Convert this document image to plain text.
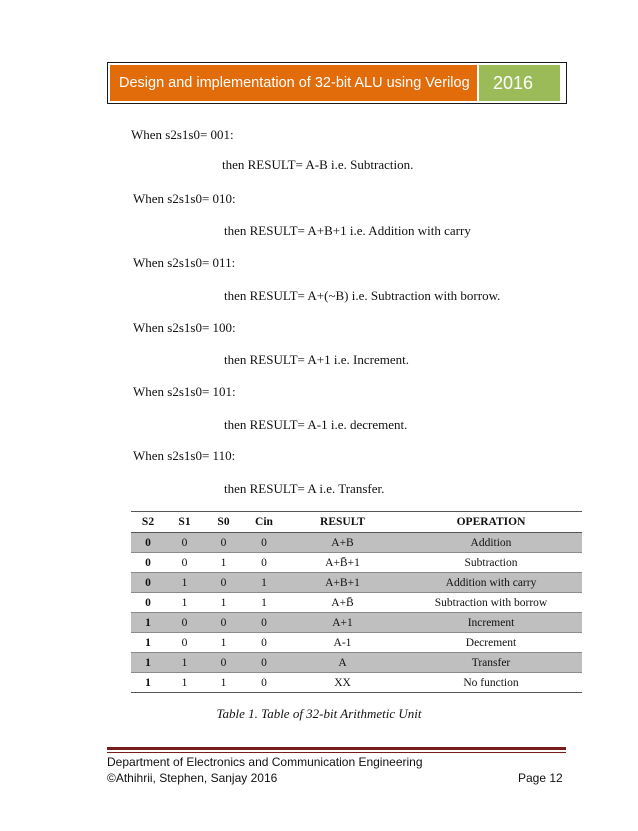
Design and implementation of 32-bit ALU using Verilog	2016
When s2s1s0= 001:
then RESULT= A-B i.e. Subtraction.
When s2s1s0= 010:
then RESULT= A+B+1 i.e. Addition with carry
When s2s1s0= 011:
then RESULT= A+(~B) i.e. Subtraction with borrow.
When s2s1s0= 100:
then RESULT= A+1 i.e. Increment.
When s2s1s0= 101:
then RESULT= A-1 i.e. decrement.
When s2s1s0= 110:
then RESULT= A i.e. Transfer.
S2	S1	S0	Cin	RESULT	OPERATION
0	0	0	0	A+B	Addition
0	0	1	0	A+B̄+1	Subtraction
0	1	0	1	A+B+1	Addition with carry
0	1	1	1	A+B̄	Subtraction with borrow
1	0	0	0	A+1	Increment
1	0	1	0	A-1	Decrement
1	1	0	0	A	Transfer
1	1	1	0	XX	No function
Table 1. Table of 32-bit Arithmetic Unit
Department of Electronics and Communication Engineering
©Athihrii, Stephen, Sanjay 2016	Page 12
